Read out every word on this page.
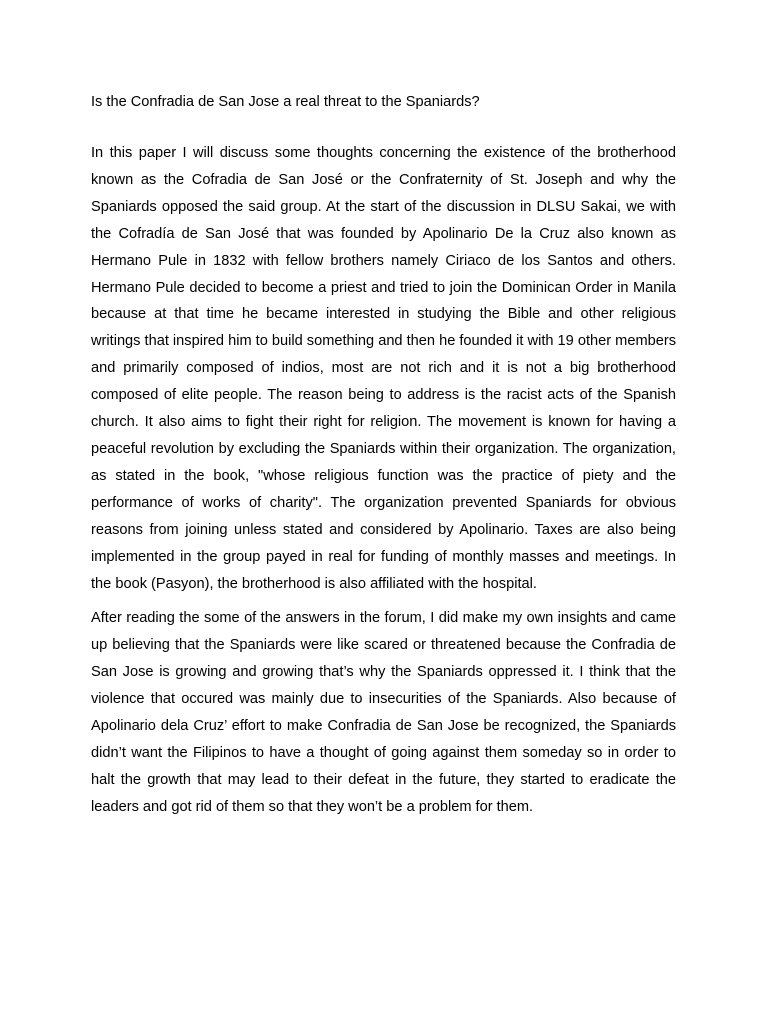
Is the Confradia de San Jose a real threat to the Spaniards?

In this paper I will discuss some thoughts concerning the existence of the brotherhood known as the Cofradia de San José or the Confraternity of St. Joseph and why the Spaniards opposed the said group. At the start of the discussion in DLSU Sakai, we with the Cofradía de San José that was founded by Apolinario De la Cruz also known as Hermano Pule in 1832 with fellow brothers namely Ciriaco de los Santos and others. Hermano Pule decided to become a priest and tried to join the Dominican Order in Manila because at that time he became interested in studying the Bible and other religious writings that inspired him to build something and then he founded it with 19 other members and primarily composed of indios, most are not rich and it is not a big brotherhood composed of elite people. The reason being to address is the racist acts of the Spanish church. It also aims to fight their right for religion. The movement is known for having a peaceful revolution by excluding the Spaniards within their organization. The organization, as stated in the book, "whose religious function was the practice of piety and the performance of works of charity". The organization prevented Spaniards for obvious reasons from joining unless stated and considered by Apolinario. Taxes are also being implemented in the group payed in real for funding of monthly masses and meetings. In the book (Pasyon), the brotherhood is also affiliated with the hospital.

After reading the some of the answers in the forum, I did make my own insights and came up believing that the Spaniards were like scared or threatened because the Confradia de San Jose is growing and growing that’s why the Spaniards oppressed it. I think that the violence that occured was mainly due to insecurities of the Spaniards. Also because of Apolinario dela Cruz’ effort to make Confradia de San Jose be recognized, the Spaniards didn’t want the Filipinos to have a thought of going against them someday so in order to halt the growth that may lead to their defeat in the future, they started to eradicate the leaders and got rid of them so that they won’t be a problem for them.
